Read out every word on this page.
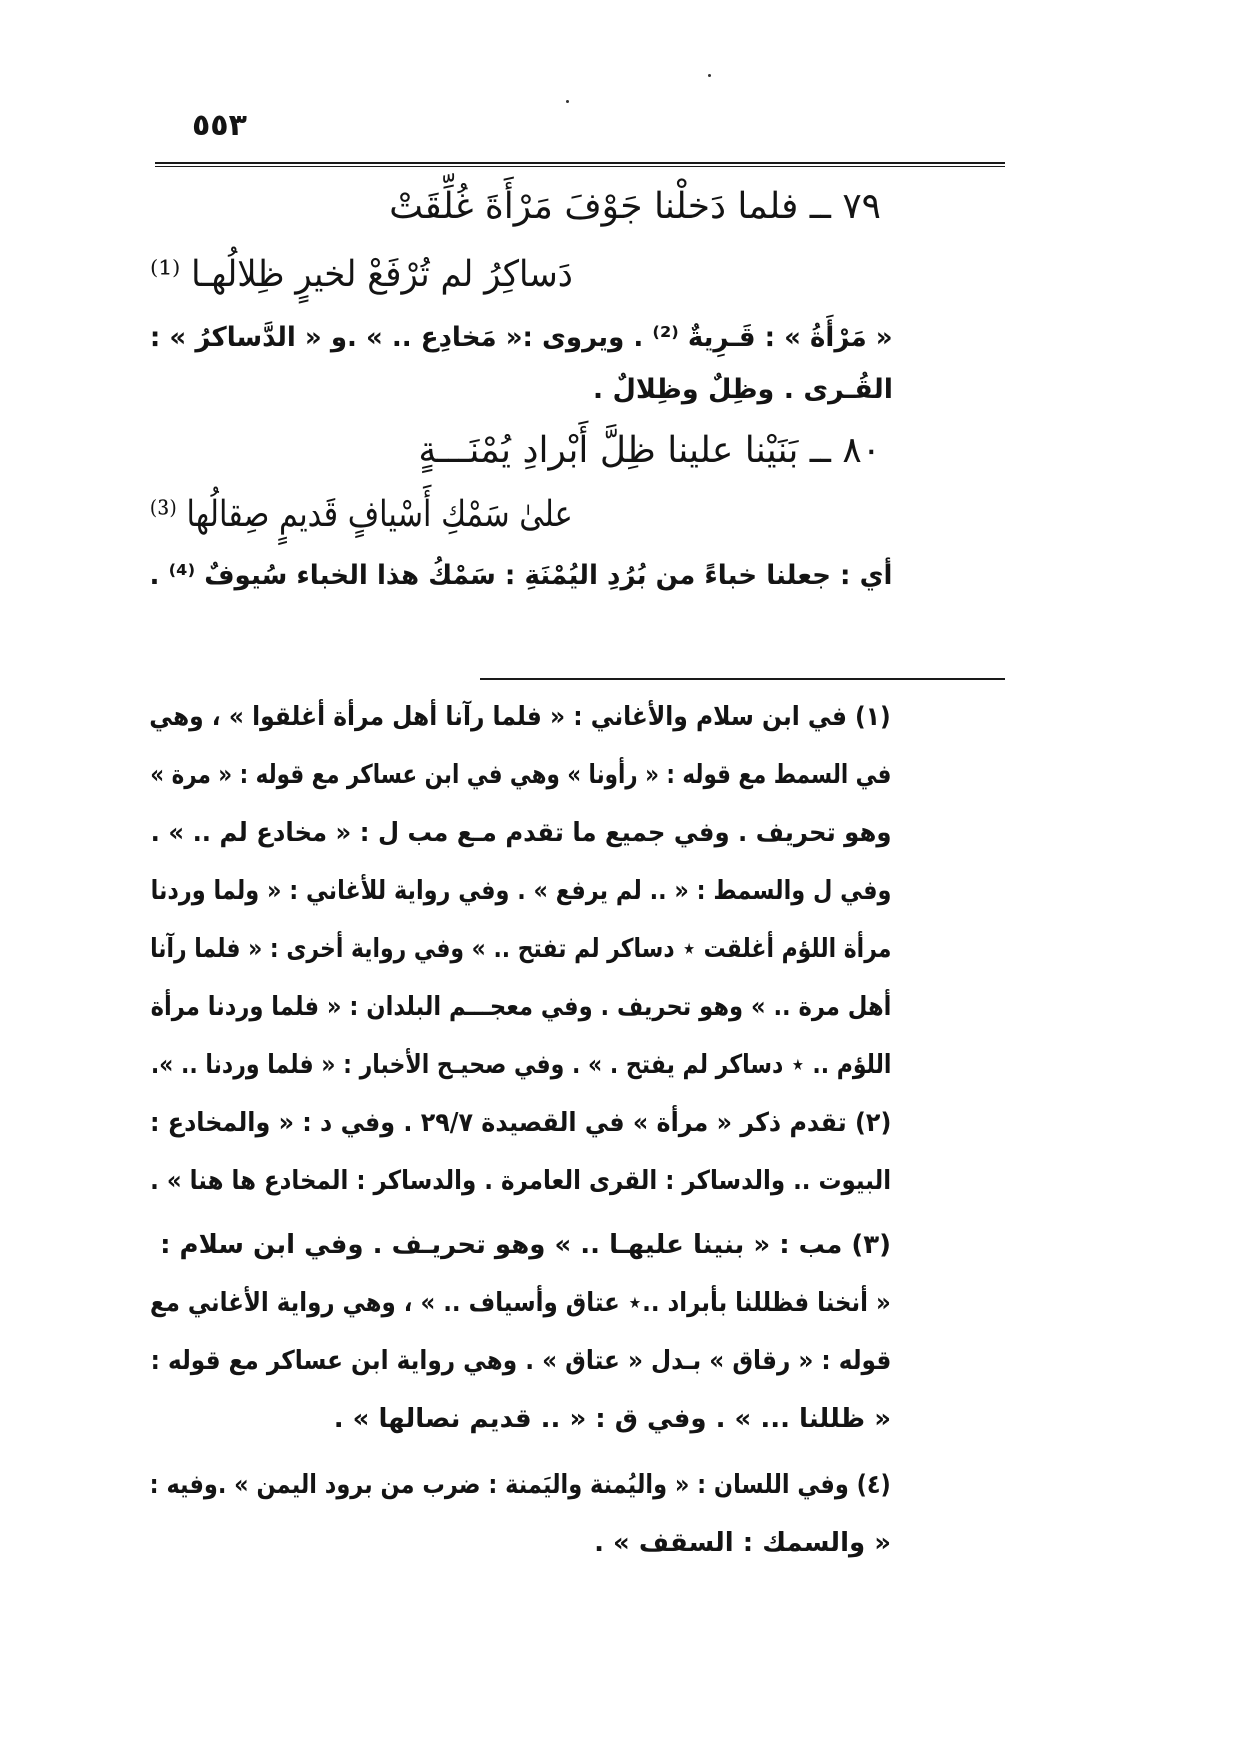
٥٥٣
٧٩ ــ فلما دَخلْنا جَوْفَ مَرْأَةَ غُلِّقَتْ
دَساكِرُ لم تُرْفَعْ لخيرٍ ظِلالُهـا ⁽¹⁾
« مَرْأَةُ » : قَـرِيةٌ ⁽²⁾ . ويروى :« مَخادِع .. » .و « الدَّساكرُ » :
القُـرى . وظِلٌ وظِلالٌ .
٨٠ ــ بَنَيْنا علينا ظِلَّ أَبْرادِ يُمْنَـــةٍ
علىٰ سَمْكِ أَسْيافٍ قَديمٍ صِقالُها ⁽³⁾
أي : جعلنا خباءً من بُرُدِ اليُمْنَةِ : سَمْكُ هذا الخباء سُيوفٌ ⁽⁴⁾ .
(١) في ابن سلام والأغاني : « فلما رآنا أهل مرأة أغلقوا » ، وهي
في السمط مع قوله : « رأونا » وهي في ابن عساكر مع قوله : « مرة »
وهو تحريف . وفي جميع ما تقدم مـع مب ل : « مخادع لم .. » .
وفي ل والسمط : « .. لم يرفع » . وفي رواية للأغاني : « ولما وردنا
مرأة اللؤم أغلقت ⋆ دساكر لم تفتح .. » وفي رواية أخرى : « فلما رآنا
أهل مرة .. » وهو تحريف . وفي معجـــم البلدان : « فلما وردنا مرأة
اللؤم .. ⋆ دساكر لم يفتح . » . وفي صحيـح الأخبار : « فلما وردنا .. ».
(٢) تقدم ذكر « مرأة » في القصيدة ٢٩/٧ . وفي د : « والمخادع :
البيوت .. والدساكر : القرى العامرة . والدساكر : المخادع ها هنا » .
(٣) مب : « بنينا عليهـا .. » وهو تحريـف . وفي ابن سلام :
« أنخنا فظللنا بأبراد ..⋆ عتاق وأسياف .. » ، وهي رواية الأغاني مع
قوله : « رقاق » بـدل « عتاق » . وهي رواية ابن عساكر مع قوله :
« ظللنا ... » . وفي ق : « .. قديم نصالها » .
(٤) وفي اللسان : « واليُمنة واليَمنة : ضرب من برود اليمن » .وفيه :
« والسمك : السقف » .
